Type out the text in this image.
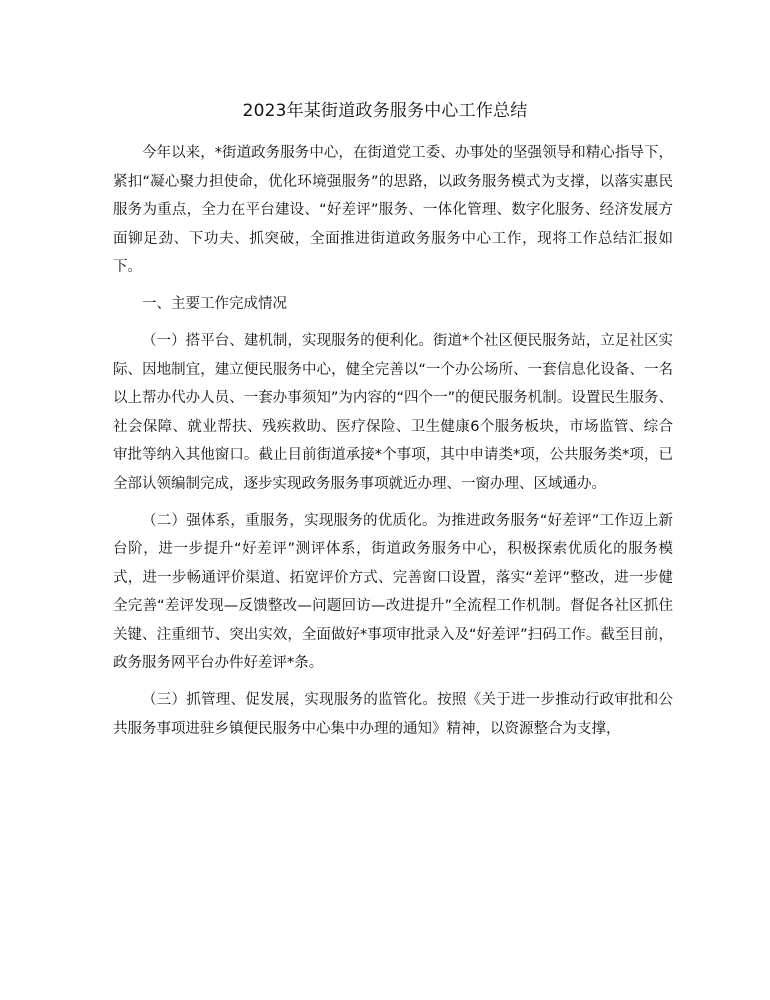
2023年某街道政务服务中心工作总结

今年以来，*街道政务服务中心，在街道党工委、办事处的坚强领导和精心指导下，紧扣“凝心聚力担使命，优化环境强服务”的思路，以政务服务模式为支撑，以落实惠民服务为重点，全力在平台建设、“好差评”服务、一体化管理、数字化服务、经济发展方面铆足劲、下功夫、抓突破，全面推进街道政务服务中心工作，现将工作总结汇报如下。

一、主要工作完成情况

（一）搭平台、建机制，实现服务的便利化。街道*个社区便民服务站，立足社区实际、因地制宜，建立便民服务中心，健全完善以“一个办公场所、一套信息化设备、一名以上帮办代办人员、一套办事须知”为内容的“四个一”的便民服务机制。设置民生服务、社会保障、就业帮扶、残疾救助、医疗保险、卫生健康6个服务板块，市场监管、综合审批等纳入其他窗口。截止目前街道承接*个事项，其中申请类*项，公共服务类*项，已全部认领编制完成，逐步实现政务服务事项就近办理、一窗办理、区域通办。

（二）强体系，重服务，实现服务的优质化。为推进政务服务“好差评”工作迈上新台阶，进一步提升“好差评”测评体系，街道政务服务中心，积极探索优质化的服务模式，进一步畅通评价渠道、拓宽评价方式、完善窗口设置，落实“差评”整改，进一步健全完善“差评发现—反馈整改—问题回访—改进提升”全流程工作机制。督促各社区抓住关键、注重细节、突出实效，全面做好*事项审批录入及“好差评”扫码工作。截至目前，政务服务网平台办件好差评*条。

（三）抓管理、促发展，实现服务的监管化。按照《关于进一步推动行政审批和公共服务事项进驻乡镇便民服务中心集中办理的通知》精神，以资源整合为支撑，
